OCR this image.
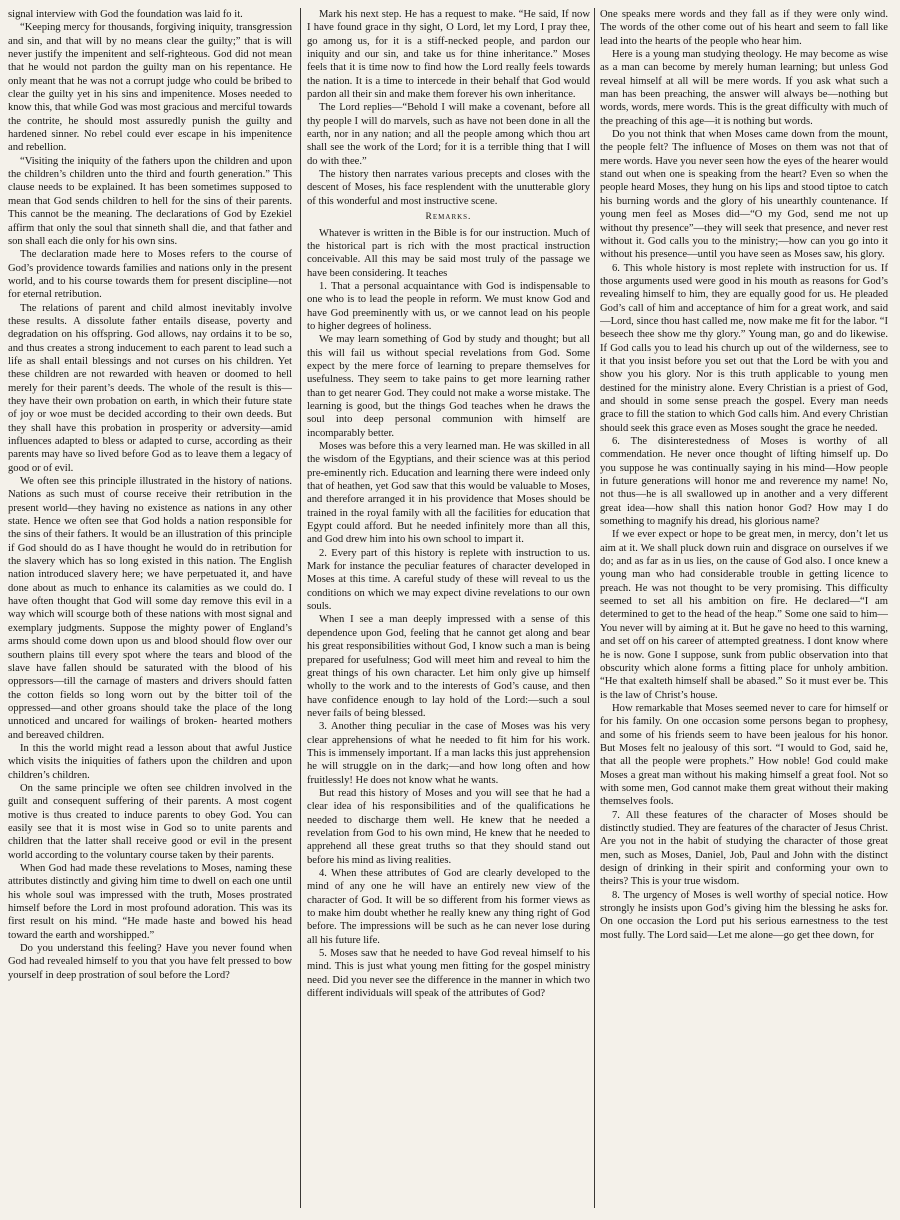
signal interview with God the foundation was laid fo it.

“Keeping mercy for thousands, forgiving iniquity, transgression and sin, and that will by no means clear the guilty;” that is will never justify the impenitent and self-righteous. God did not mean that he would not pardon the guilty man on his repentance. He only meant that he was not a corrupt judge who could be bribed to clear the guilty yet in his sins and impenitence. Moses needed to know this, that while God was most gracious and merciful towards the contrite, he should most assuredly punish the guilty and hardened sinner. No rebel could ever escape in his impenitence and rebellion.

“Visiting the iniquity of the fathers upon the children and upon the children’s children unto the third and fourth generation.” This clause needs to be explained. It has been sometimes supposed to mean that God sends children to hell for the sins of their parents. This cannot be the meaning. The declarations of God by Ezekiel affirm that only the soul that sinneth shall die, and that father and son shall each die only for his own sins.

The declaration made here to Moses refers to the course of God’s providence towards families and nations only in the present world, and to his course towards them for present discipline—not for eternal retribution.

The relations of parent and child almost inevitably involve these results. A dissolute father entails disease, poverty and degradation on his offspring. God allows, nay ordains it to be so, and thus creates a strong inducement to each parent to lead such a life as shall entail blessings and not curses on his children. Yet these children are not rewarded with heaven or doomed to hell merely for their parent’s deeds. The whole of the result is this—they have their own probation on earth, in which their future state of joy or woe must be decided according to their own deeds. But they shall have this probation in prosperity or adversity—amid influences adapted to bless or adapted to curse, according as their parents may have so lived before God as to leave them a legacy of good or of evil.

We often see this principle illustrated in the history of nations. Nations as such must of course receive their retribution in the present world—they having no existence as nations in any other state. Hence we often see that God holds a nation responsible for the sins of their fathers. It would be an illustration of this principle if God should do as I have thought he would do in retribution for the slavery which has so long existed in this nation. The English nation introduced slavery here; we have perpetuated it, and have done about as much to enhance its calamities as we could do. I have often thought that God will some day remove this evil in a way which will scourge both of these nations with most signal and exemplary judgments. Suppose the mighty power of England’s arms should come down upon us and blood should flow over our southern plains till every spot where the tears and blood of the slave have fallen should be saturated with the blood of his oppressors—till the carnage of masters and drivers should fatten the cotton fields so long worn out by the bitter toil of the oppressed—and other groans should take the place of the long unnoticed and uncared for wailings of broken- hearted mothers and bereaved children.

In this the world might read a lesson about that awful Justice which visits the iniquities of fathers upon the children and upon children’s children.

On the same principle we often see children involved in the guilt and consequent suffering of their parents. A most cogent motive is thus created to induce parents to obey God. You can easily see that it is most wise in God so to unite parents and children that the latter shall receive good or evil in the present world according to the voluntary course taken by their parents.

When God had made these revelations to Moses, naming these attributes distinctly and giving him time to dwell on each one until his whole soul was impressed with the truth, Moses prostrated himself before the Lord in most profound adoration. This was its first result on his mind. “He made haste and bowed his head toward the earth and worshipped.”

Do you understand this feeling? Have you never found when God had revealed himself to you that you have felt pressed to bow yourself in deep prostration of soul before the Lord?

Mark his next step. He has a request to make. “He said, If now I have found grace in thy sight, O Lord, let my Lord, I pray thee, go among us, for it is a stiff-necked people, and pardon our iniquity and our sin, and take us for thine inheritance.” Moses feels that it is time now to find how the Lord really feels towards the nation. It is a time to intercede in their behalf that God would pardon all their sin and make them forever his own inheritance.

The Lord replies—“Behold I will make a covenant, before all thy people I will do marvels, such as have not been done in all the earth, nor in any nation; and all the people among which thou art shall see the work of the Lord; for it is a terrible thing that I will do with thee.”

The history then narrates various precepts and closes with the descent of Moses, his face resplendent with the unutterable glory of this wonderful and most instructive scene.

Remarks.

Whatever is written in the Bible is for our instruction. Much of the historical part is rich with the most practical instruction conceivable. All this may be said most truly of the passage we have been considering. It teaches

1. That a personal acquaintance with God is indispensable to one who is to lead the people in reform. We must know God and have God preeminently with us, or we cannot lead on his people to higher degrees of holiness.

We may learn something of God by study and thought; but all this will fail us without special revelations from God. Some expect by the mere force of learning to prepare themselves for usefulness. They seem to take pains to get more learning rather than to get nearer God. They could not make a worse mistake. The learning is good, but the things God teaches when he draws the soul into deep personal communion with himself are incomparably better.

Moses was before this a very learned man. He was skilled in all the wisdom of the Egyptians, and their science was at this period pre-eminently rich. Education and learning there were indeed only that of heathen, yet God saw that this would be valuable to Moses, and therefore arranged it in his providence that Moses should be trained in the royal family with all the facilities for education that Egypt could afford. But he needed infinitely more than all this, and God drew him into his own school to impart it.

2. Every part of this history is replete with instruction to us. Mark for instance the peculiar features of character developed in Moses at this time. A careful study of these will reveal to us the conditions on which we may expect divine revelations to our own souls.

When I see a man deeply impressed with a sense of this dependence upon God, feeling that he cannot get along and bear his great responsibilities without God, I know such a man is being prepared for usefulness; God will meet him and reveal to him the great things of his own character. Let him only give up himself wholly to the work and to the interests of God’s cause, and then have confidence enough to lay hold of the Lord:—such a soul never fails of being blessed.

3. Another thing peculiar in the case of Moses was his very clear apprehensions of what he needed to fit him for his work. This is immensely important. If a man lacks this just apprehension he will struggle on in the dark;—and how long often and how fruitlessly! He does not know what he wants.

But read this history of Moses and you will see that he had a clear idea of his responsibilities and of the qualifications he needed to discharge them well. He knew that he needed a revelation from God to his own mind, He knew that he needed to apprehend all these great truths so that they should stand out before his mind as living realities.

4. When these attributes of God are clearly developed to the mind of any one he will have an entirely new view of the character of God. It will be so different from his former views as to make him doubt whether he really knew any thing right of God before. The impressions will be such as he can never lose during all his future life.

5. Moses saw that he needed to have God reveal himself to his mind. This is just what young men fitting for the gospel ministry need. Did you never see the difference in the manner in which two different individuals will speak of the attributes of God?

One speaks mere words and they fall as if they were only wind. The words of the other come out of his heart and seem to fall like lead into the hearts of the people who hear him.

Here is a young man studying theology. He may become as wise as a man can become by merely human learning; but unless God reveal himself at all will be mere words. If you ask what such a man has been preaching, the answer will always be—nothing but words, words, mere words. This is the great difficulty with much of the preaching of this age—it is nothing but words.

Do you not think that when Moses came down from the mount, the people felt? The influence of Moses on them was not that of mere words. Have you never seen how the eyes of the hearer would stand out when one is speaking from the heart? Even so when the people heard Moses, they hung on his lips and stood tiptoe to catch his burning words and the glory of his unearthly countenance. If young men feel as Moses did—“O my God, send me not up without thy presence”—they will seek that presence, and never rest without it. God calls you to the ministry;—how can you go into it without his presence—until you have seen as Moses saw, his glory.

6. This whole history is most replete with instruction for us. If those arguments used were good in his mouth as reasons for God’s revealing himself to him, they are equally good for us. He pleaded God’s call of him and acceptance of him for a great work, and said—Lord, since thou hast called me, now make me fit for the labor. “I beseech thee show me thy glory.” Young man, go and do likewise. If God calls you to lead his church up out of the wilderness, see to it that you insist before you set out that the Lord be with you and show you his glory. Nor is this truth applicable to young men destined for the ministry alone. Every Christian is a priest of God, and should in some sense preach the gospel. Every man needs grace to fill the station to which God calls him. And every Christian should seek this grace even as Moses sought the grace he needed.

6. The disinterestedness of Moses is worthy of all commendation. He never once thought of lifting himself up. Do you suppose he was continually saying in his mind—How people in future generations will honor me and reverence my name! No, not thus—he is all swallowed up in another and a very different great idea—how shall this nation honor God? How may I do something to magnify his dread, his glorious name?

If we ever expect or hope to be great men, in mercy, don’t let us aim at it. We shall pluck down ruin and disgrace on ourselves if we do; and as far as in us lies, on the cause of God also. I once knew a young man who had considerable trouble in getting licence to preach. He was not thought to be very promising. This difficulty seemed to set all his ambition on fire. He declared—“I am determined to get to the head of the heap.” Some one said to him—You never will by aiming at it. But he gave no heed to this warning, and set off on his career of attempted greatness. I dont know where he is now. Gone I suppose, sunk from public observation into that obscurity which alone forms a fitting place for unholy ambition. “He that exalteth himself shall be abased.” So it must ever be. This is the law of Christ’s house.

How remarkable that Moses seemed never to care for himself or for his family. On one occasion some persons began to prophesy, and some of his friends seem to have been jealous for his honor. But Moses felt no jealousy of this sort. “I would to God, said he, that all the people were prophets.” How noble! God could make Moses a great man without his making himself a great fool. Not so with some men, God cannot make them great without their making themselves fools.

7. All these features of the character of Moses should be distinctly studied. They are features of the character of Jesus Christ. Are you not in the habit of studying the character of those great men, such as Moses, Daniel, Job, Paul and John with the distinct design of drinking in their spirit and conforming your own to theirs? This is your true wisdom.

8. The urgency of Moses is well worthy of special notice. How strongly he insists upon God’s giving him the blessing he asks for. On one occasion the Lord put his serious earnestness to the test most fully. The Lord said—Let me alone—go get thee down, for
